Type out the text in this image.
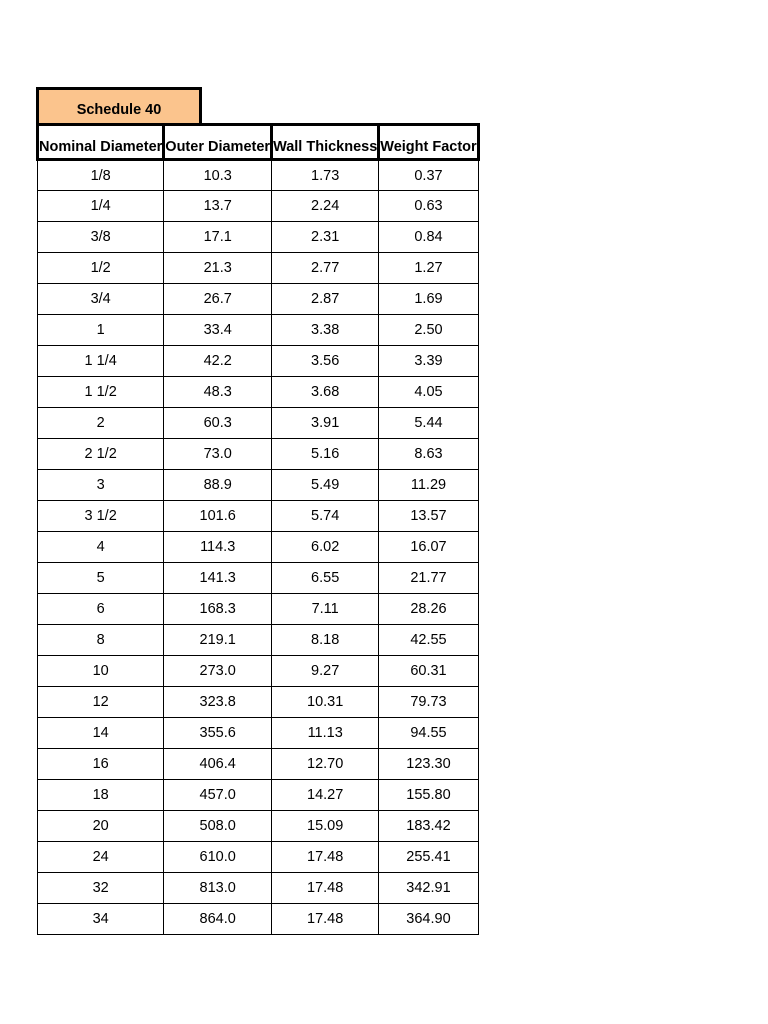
Schedule 40
Nominal Diameter	Outer Diameter	Wall Thickness	Weight Factor
1/8	10.3	1.73	0.37
1/4	13.7	2.24	0.63
3/8	17.1	2.31	0.84
1/2	21.3	2.77	1.27
3/4	26.7	2.87	1.69
1	33.4	3.38	2.50
1 1/4	42.2	3.56	3.39
1 1/2	48.3	3.68	4.05
2	60.3	3.91	5.44
2 1/2	73.0	5.16	8.63
3	88.9	5.49	11.29
3 1/2	101.6	5.74	13.57
4	114.3	6.02	16.07
5	141.3	6.55	21.77
6	168.3	7.11	28.26
8	219.1	8.18	42.55
10	273.0	9.27	60.31
12	323.8	10.31	79.73
14	355.6	11.13	94.55
16	406.4	12.70	123.30
18	457.0	14.27	155.80
20	508.0	15.09	183.42
24	610.0	17.48	255.41
32	813.0	17.48	342.91
34	864.0	17.48	364.90
